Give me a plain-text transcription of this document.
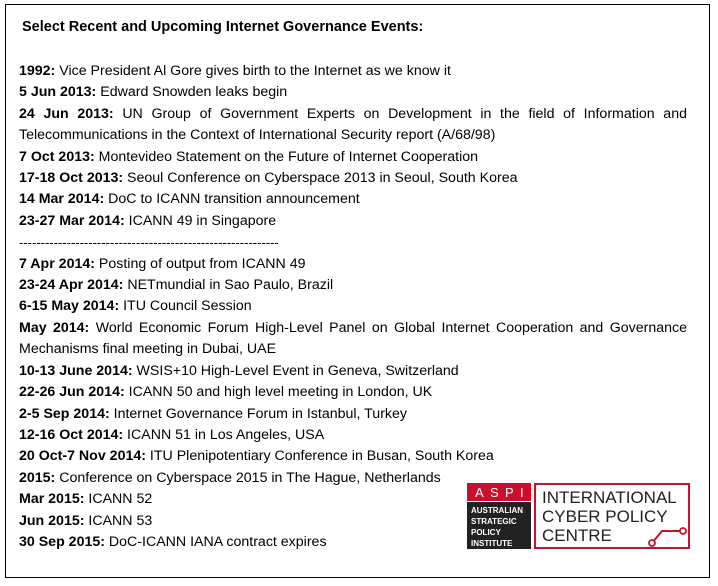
Select Recent and Upcoming Internet Governance Events:
1992: Vice President Al Gore gives birth to the Internet as we know it
5 Jun 2013: Edward Snowden leaks begin
24 Jun 2013: UN Group of Government Experts on Development in the field of Information and Telecommunications in the Context of International Security report (A/68/98)
7 Oct 2013: Montevideo Statement on the Future of Internet Cooperation
17-18 Oct 2013: Seoul Conference on Cyberspace 2013 in Seoul, South Korea
14 Mar 2014: DoC to ICANN transition announcement
23-27 Mar 2014: ICANN 49 in Singapore
------------------------------------------------------------
7 Apr 2014: Posting of output from ICANN 49
23-24 Apr 2014: NETmundial in Sao Paulo, Brazil
6-15 May 2014: ITU Council Session
May 2014: World Economic Forum High-Level Panel on Global Internet Cooperation and Governance Mechanisms final meeting in Dubai, UAE
10-13 June 2014: WSIS+10 High-Level Event in Geneva, Switzerland
22-26 Jun 2014: ICANN 50 and high level meeting in London, UK
2-5 Sep 2014: Internet Governance Forum in Istanbul, Turkey
12-16 Oct 2014: ICANN 51 in Los Angeles, USA
20 Oct-7 Nov 2014: ITU Plenipotentiary Conference in Busan, South Korea
2015: Conference on Cyberspace 2015 in The Hague, Netherlands
Mar 2015: ICANN 52
Jun 2015: ICANN 53
30 Sep 2015: DoC-ICANN IANA contract expires
A S P I
AUSTRALIAN
STRATEGIC
POLICY
INSTITUTE
INTERNATIONAL
CYBER POLICY
CENTRE
